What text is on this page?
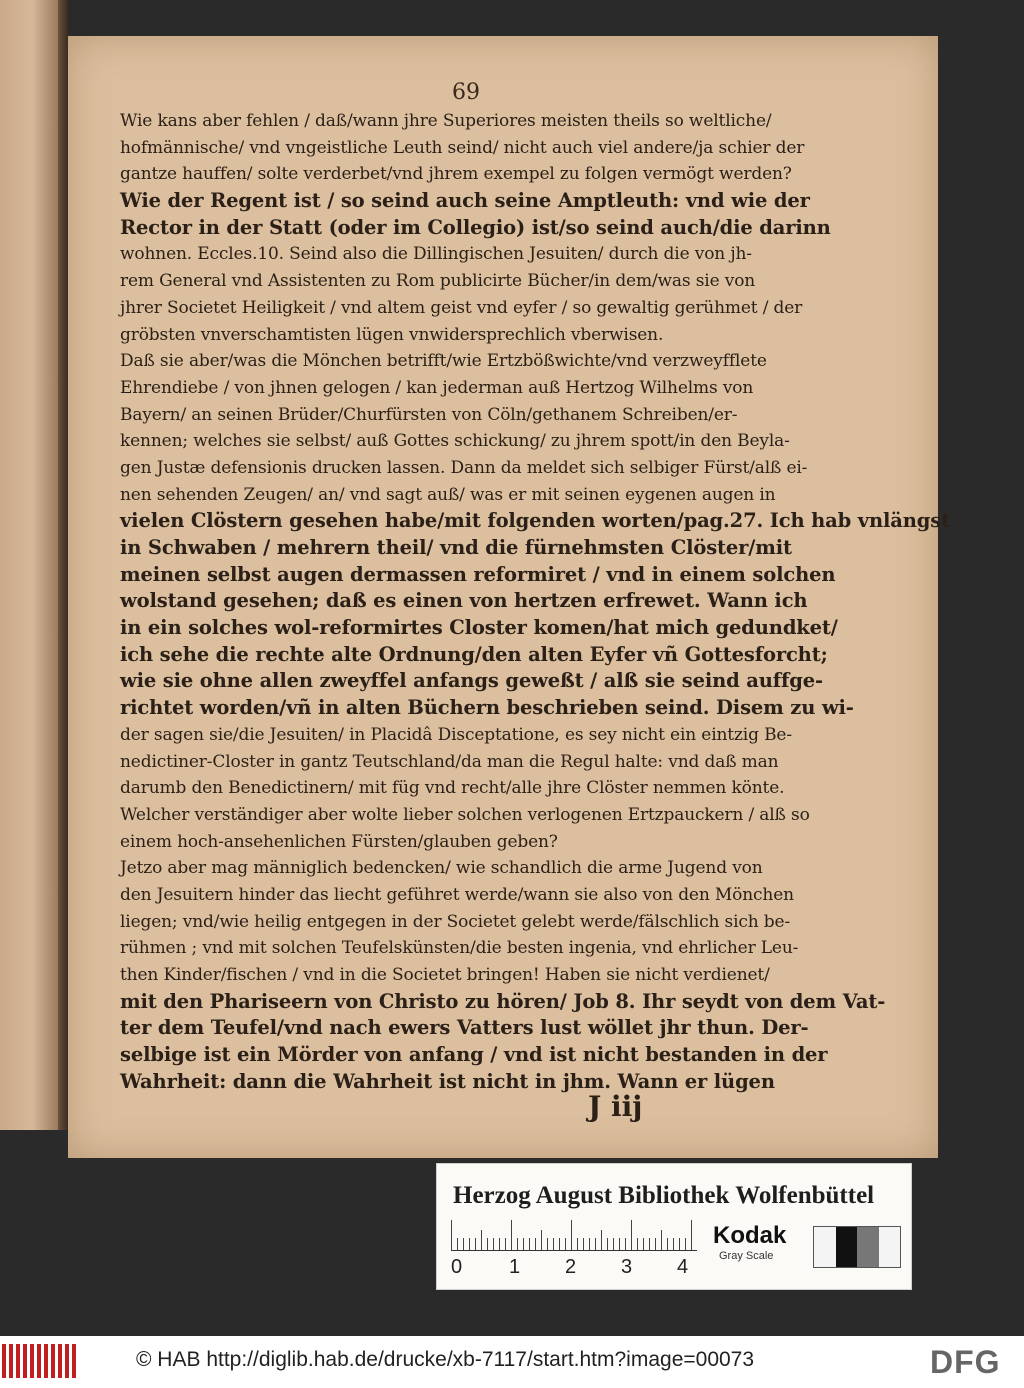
69
Wie kans aber fehlen / daß/wann jhre Superiores meisten theils so weltliche/
hofmännische/ vnd vngeistliche Leuth seind/ nicht auch viel andere/ja schier der
gantze hauffen/ solte verderbet/vnd jhrem exempel zu folgen vermögt werden?
Wie der Regent ist / so seind auch seine Amptleuth: vnd wie der
Rector in der Statt (oder im Collegio) ist/so seind auch/die darinn
wohnen. Eccles.10. Seind also die Dillingischen Jesuiten/ durch die von jh-
rem General vnd Assistenten zu Rom publicirte Bücher/in dem/was sie von
jhrer Societet Heiligkeit / vnd altem geist vnd eyfer / so gewaltig gerühmet / der
gröbsten vnverschamtisten lügen vnwidersprechlich vberwisen.
Daß sie aber/was die Mönchen betrifft/wie Ertzbößwichte/vnd verzweyfflete
Ehrendiebe / von jhnen gelogen / kan jederman auß Hertzog Wilhelms von
Bayern/ an seinen Brüder/Churfürsten von Cöln/gethanem Schreiben/er-
kennen; welches sie selbst/ auß Gottes schickung/ zu jhrem spott/in den Beyla-
gen Justæ defensionis drucken lassen. Dann da meldet sich selbiger Fürst/alß ei-
nen sehenden Zeugen/ an/ vnd sagt auß/ was er mit seinen eygenen augen in
vielen Clöstern gesehen habe/mit folgenden worten/pag.27. Ich hab vnlängst
in Schwaben / mehrern theil/ vnd die fürnehmsten Clöster/mit
meinen selbst augen dermassen reformiret / vnd in einem solchen
wolstand gesehen; daß es einen von hertzen erfrewet. Wann ich
in ein solches wol-reformirtes Closter komen/hat mich gedundket/
ich sehe die rechte alte Ordnung/den alten Eyfer vñ Gottesforcht;
wie sie ohne allen zweyffel anfangs geweßt / alß sie seind auffge-
richtet worden/vñ in alten Büchern beschrieben seind. Disem zu wi-
der sagen sie/die Jesuiten/ in Placidâ Disceptatione, es sey nicht ein eintzig Be-
nedictiner-Closter in gantz Teutschland/da man die Regul halte: vnd daß man
darumb den Benedictinern/ mit füg vnd recht/alle jhre Clöster nemmen könte.
Welcher verständiger aber wolte lieber solchen verlogenen Ertzpauckern / alß so
einem hoch-ansehenlichen Fürsten/glauben geben?
Jetzo aber mag männiglich bedencken/ wie schandlich die arme Jugend von
den Jesuitern hinder das liecht geführet werde/wann sie also von den Mönchen
liegen; vnd/wie heilig entgegen in der Societet gelebt werde/fälschlich sich be-
rühmen ; vnd mit solchen Teufelskünsten/die besten ingenia, vnd ehrlicher Leu-
then Kinder/fischen / vnd in die Societet bringen! Haben sie nicht verdienet/
mit den Phariseern von Christo zu hören/ Job 8. Ihr seydt von dem Vat-
ter dem Teufel/vnd nach ewers Vatters lust wöllet jhr thun. Der-
selbige ist ein Mörder von anfang / vnd ist nicht bestanden in der
Wahrheit: dann die Wahrheit ist nicht in jhm. Wann er lügen
J iij
Herzog August Bibliothek Wolfenbüttel
0 1 2 3 4
Kodak
Gray Scale
© HAB http://diglib.hab.de/drucke/xb-7117/start.htm?image=00073	DFG
